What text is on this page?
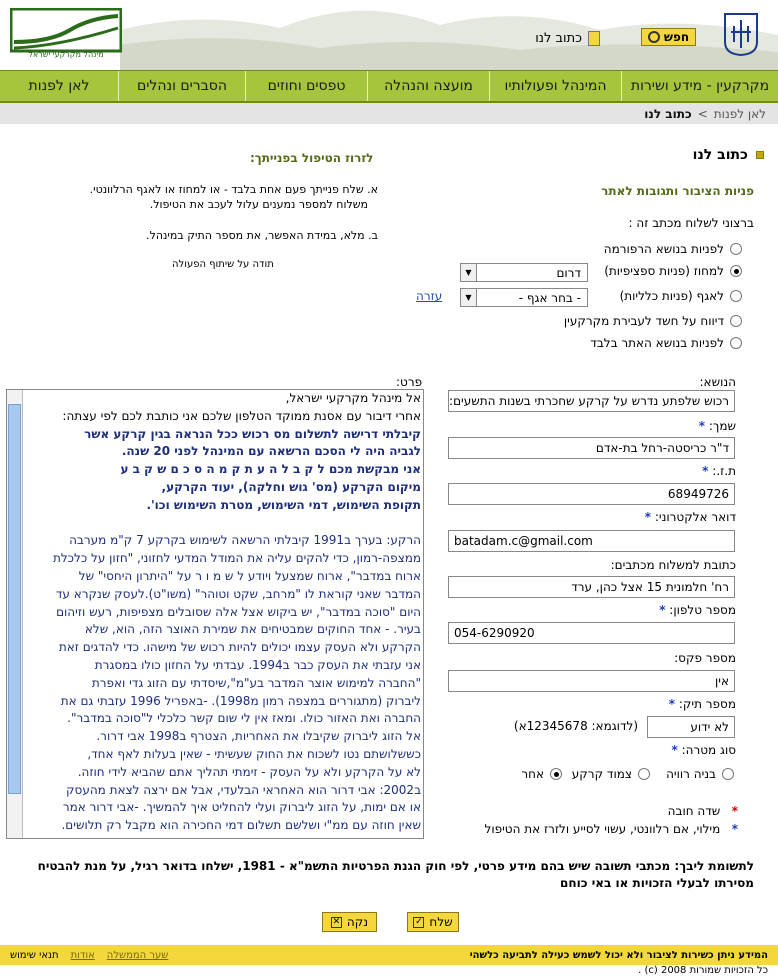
מינהל מקרקעי ישראל
חפש
כתוב לנו
מקרקעין - מידע ושירות
המינהל ופעולותיו
מועצה והנהלה
טפסים וחוזים
הסברים ונהלים
לאן לפנות
לאן לפנות
>
כתוב לנו
כתוב לנו
פניות הציבור ותגובות לאתר
ברצוני לשלוח מכתב זה :
לפניות בנושא הרפורמה
למחוז (פניות ספציפיות)
לאגף (פניות כלליות)
דיווח על חשד לעבירת מקרקעין
לפניות בנושא האתר בלבד
דרום
▼
- בחר אגף -
▼
עזרה
לזרוז הטיפול בפנייתך:
א. שלח פנייתך פעם אחת בלבד - או למחוז או לאגף הרלוונטי.
משלוח למספר נמענים עלול לעכב את הטיפול.
ב. מלא, במידת האפשר, את מספר התיק במינהל.
תודה על שיתוף הפעולה
הנושא:
רכוש שלפתע נדרש על קרקע שחכרתי בשנות התשעים:
שמך: *
ד"ר כריסטה-רחל בת-אדם
ת.ז.: *
68949726
דואר אלקטרוני: *
batadam.c@gmail.com
כתובת למשלוח מכתבים:
רח' חלמונית 15 אצל כהן, ערד
מספר טלפון: *
054-6290920
מספר פקס:
אין
מספר תיק: *
לא ידוע
(לדוגמא: 12345678א)
סוג מטרה: *
בניה רוויה
צמוד קרקע
אחר
*   שדה חובה
*   מילוי, אם רלוונטי, עשוי לסייע ולזרז את הטיפול
פרט:
אל מינהל מקרקעי ישראל,
אחרי דיבור עם אסנת ממוקד הטלפון שלכם אני כותבת לכם לפי עצתה:
קיבלתי דרישה לתשלום מס רכוש ככל הנראה בגין קרקע אשר
לגביה היה לי הסכם הרשאה עם המינהל לפני 20 שנה.
אני מבקשת מכם ל ק ב ל ה ע ת ק מ ה ס כ ם ש ק ב ע
מיקום הקרקע (מס' גוש וחלקה), יעוד הקרקע,
תקופת השימוש, דמי השימוש, מטרת השימוש וכו'.
הרקע: בערך ב1991 קיבלתי הרשאה לשימוש בקרקע 7 ק"מ מערבה
ממצפה-רמון, כדי להקים עליה את המודל המדעי לחזוני, "חזון על כלכלת
ארוח במדבר", ארוח שמצעל ויודע ל ש מ ו ר על "היתרון היחסי" של
המדבר שאני קוראת לו "מרחב, שקט וטוהר" (משו"ט).לעסק שנקרא עד
היום "סוכה במדבר", יש ביקוש אצל אלה שסובלים מצפיפות, רעש וזיהום
בעיר. - אחד החוקים שמבטיחים את שמירת האוצר הזה, הוא, שלא
הקרקע ולא העסק עצמו יכולים להיות רכוש של מישהו. כדי להדגים זאת
אני עזבתי את העסק כבר ב1994. עבדתי על החזון כולו במסגרת
"החברה למימוש אוצר המדבר בע"מ",שיסדתי עם הזוג גדי ואפרת
ליברוק (מתגוררים במצפה רמון מ1998). -באפריל 1996 עזבתי גם את
החברה ואת האזור כולו. ומאז אין לי שום קשר כלכלי ל"סוכה במדבר".
אל הזוג ליברוק שקיבלו את האחריות, הצטרף ב1998 אבי דרור.
כששלושתם נטו לשכוח את החוק שעשיתי - שאין בעלות לאף אחד,
לא על הקרקע ולא על העסק - זימתי תהליך אתם שהביא לידי חוזה.
ב2002: אבי דרור הוא האחראי הבלעדי, אבל אם ירצה לצאת מהעסק
או אם ימות, על הזוג ליברוק ועלי להחליט איך להמשיך. -אבי דרור אמר
שאין חוזה עם ממ"י ושלשם תשלום דמי החכירה הוא מקבל רק תלושים.
לתשומת ליבך: מכתבי תשובה שיש בהם מידע פרטי, לפי חוק הגנת הפרטיות התשמ"א - 1981, ישלחו בדואר רגיל, על מנת להבטיח מסירתו לבעלי הזכויות או באי כוחם
שלח
✓
נקה
✕
המידע ניתן כשירות לציבור ולא יכול לשמש כעילה לתביעה כלשהי
שער הממשלה
אודות
תנאי שימוש
כל הזכויות שמורות 2008 (c) .
